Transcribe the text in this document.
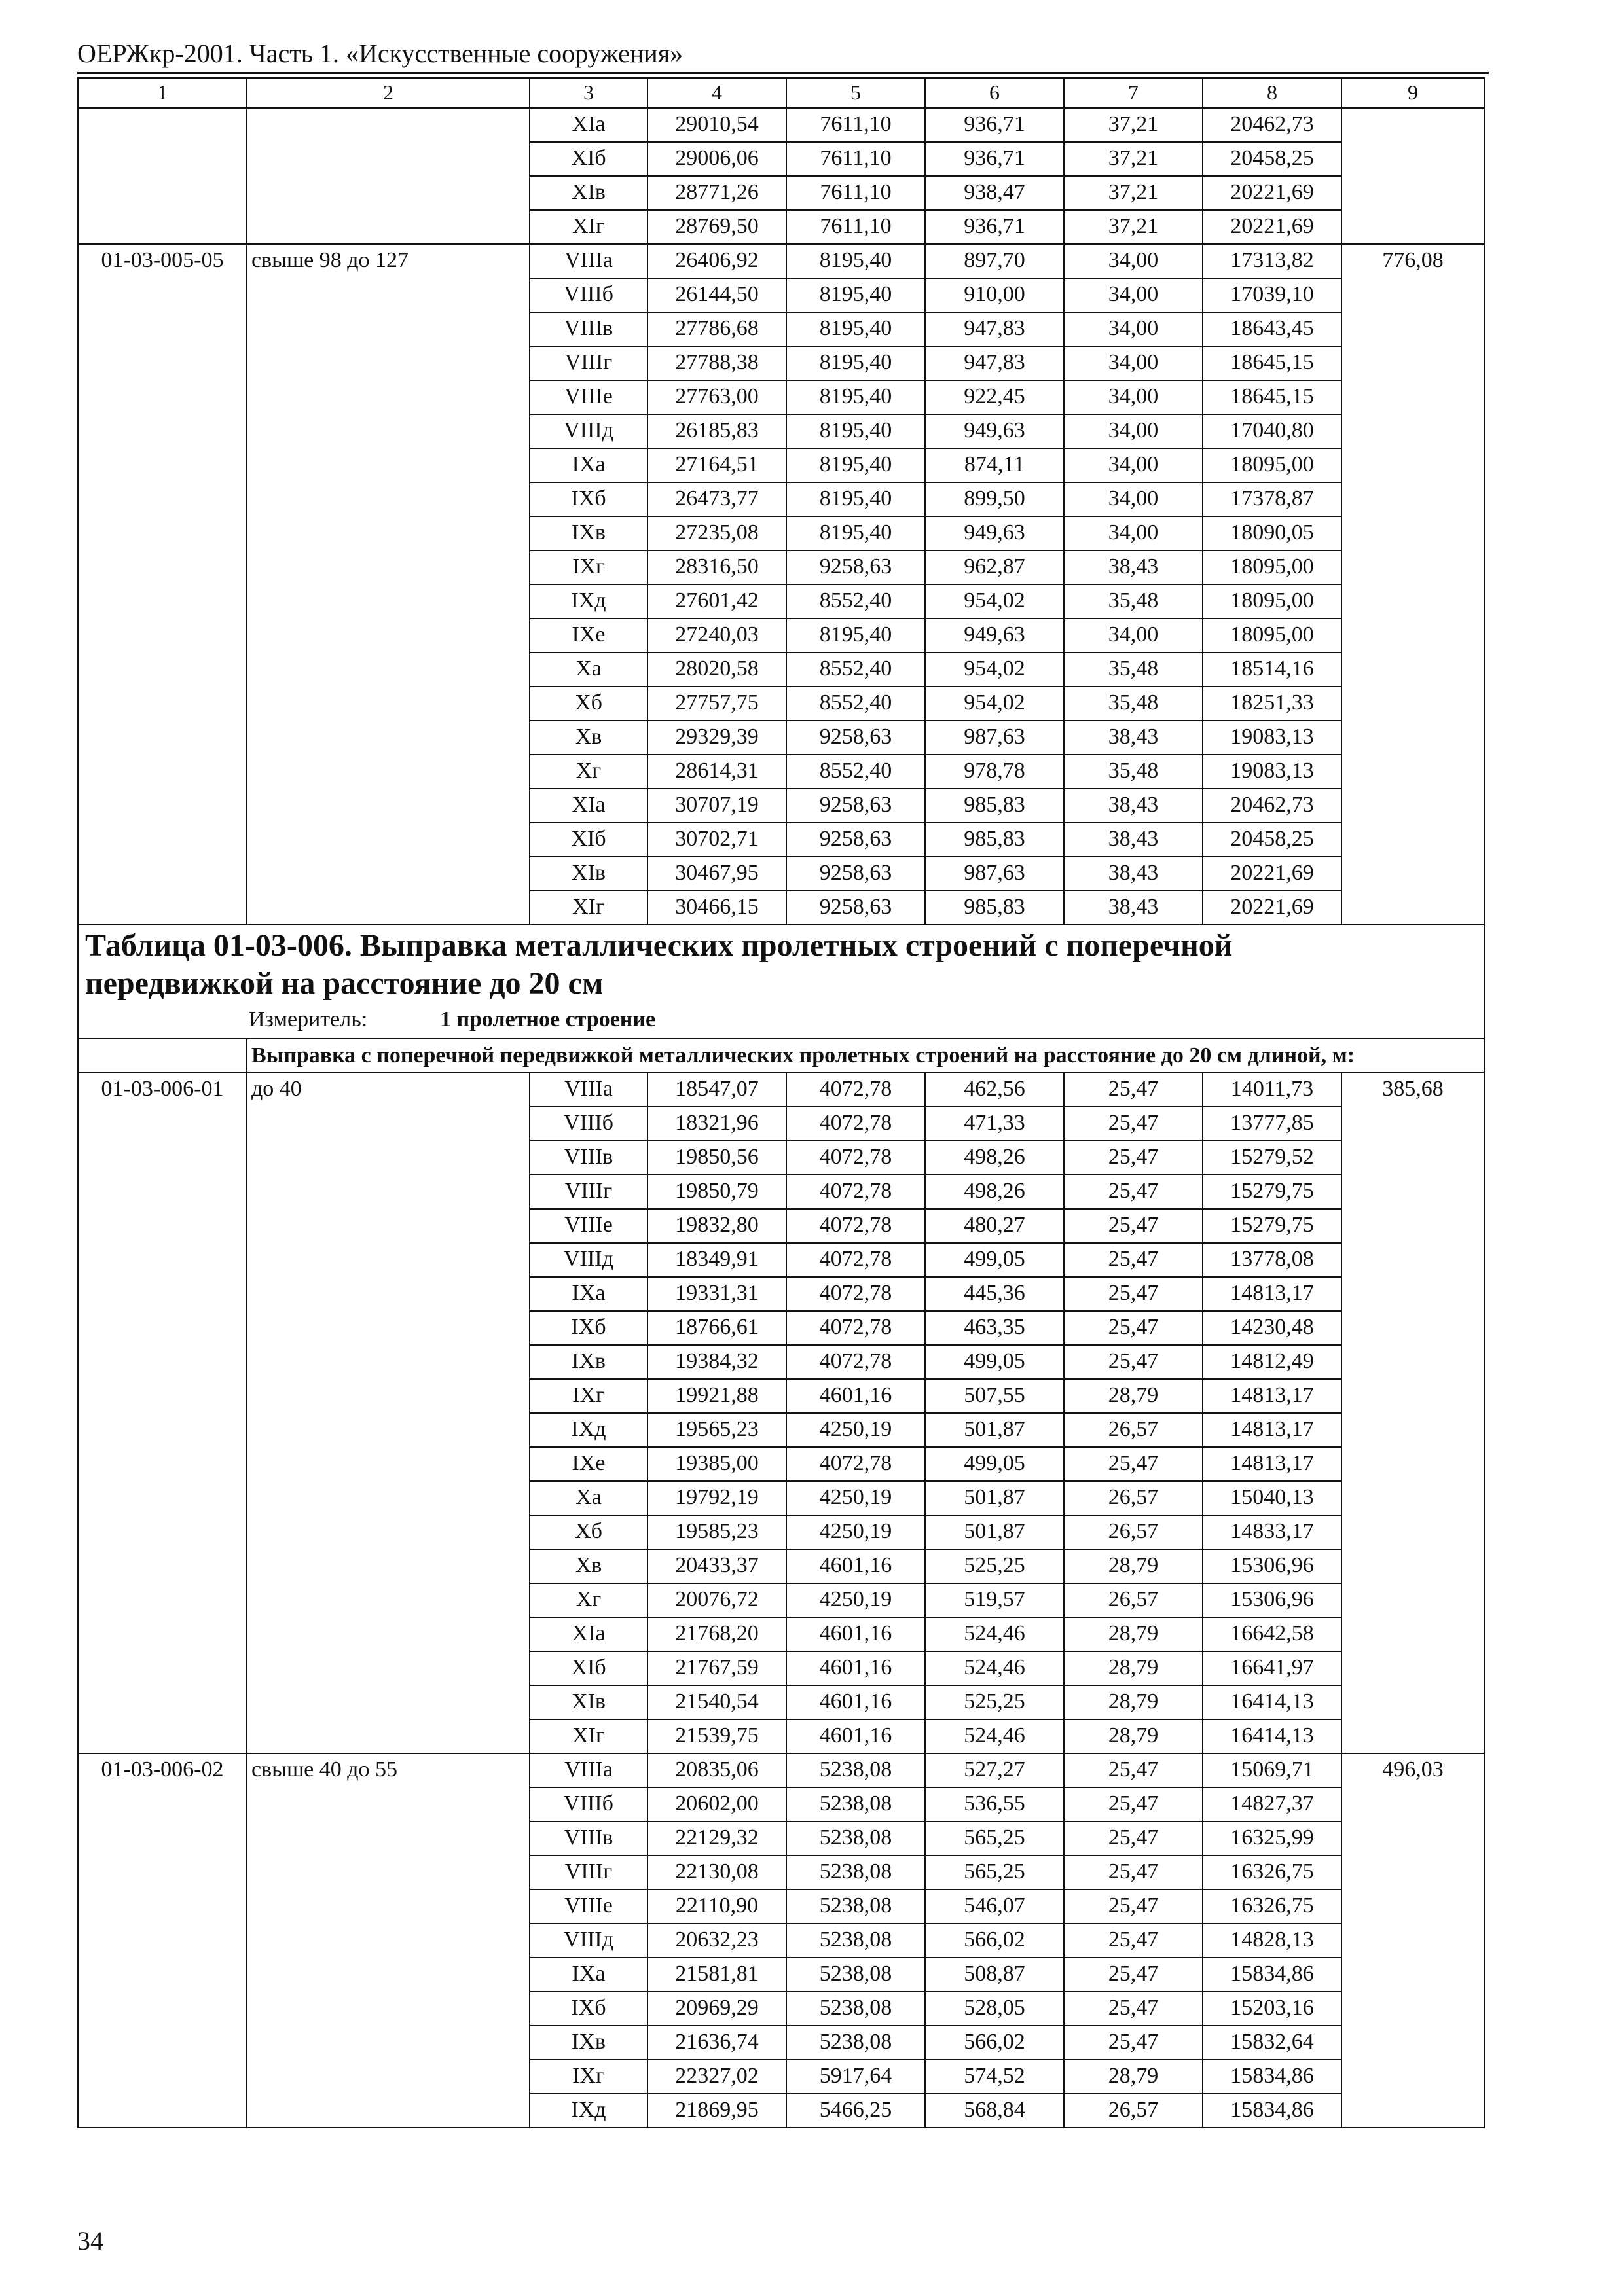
ОЕРЖкр-2001. Часть 1. «Искусственные сооружения»
1	2	3	4	5	6	7	8	9
		XIа	29010,54	7611,10	936,71	37,21	20462,73	
		XIб	29006,06	7611,10	936,71	37,21	20458,25	
		XIв	28771,26	7611,10	938,47	37,21	20221,69	
		XIг	28769,50	7611,10	936,71	37,21	20221,69	
01-03-005-05	свыше 98 до 127	VIIIа	26406,92	8195,40	897,70	34,00	17313,82	776,08
		VIIIб	26144,50	8195,40	910,00	34,00	17039,10	
		VIIIв	27786,68	8195,40	947,83	34,00	18643,45	
		VIIIг	27788,38	8195,40	947,83	34,00	18645,15	
		VIIIе	27763,00	8195,40	922,45	34,00	18645,15	
		VIIIд	26185,83	8195,40	949,63	34,00	17040,80	
		IXа	27164,51	8195,40	874,11	34,00	18095,00	
		IXб	26473,77	8195,40	899,50	34,00	17378,87	
		IXв	27235,08	8195,40	949,63	34,00	18090,05	
		IXг	28316,50	9258,63	962,87	38,43	18095,00	
		IXд	27601,42	8552,40	954,02	35,48	18095,00	
		IXе	27240,03	8195,40	949,63	34,00	18095,00	
		Xа	28020,58	8552,40	954,02	35,48	18514,16	
		Xб	27757,75	8552,40	954,02	35,48	18251,33	
		Xв	29329,39	9258,63	987,63	38,43	19083,13	
		Xг	28614,31	8552,40	978,78	35,48	19083,13	
		XIа	30707,19	9258,63	985,83	38,43	20462,73	
		XIб	30702,71	9258,63	985,83	38,43	20458,25	
		XIв	30467,95	9258,63	987,63	38,43	20221,69	
		XIг	30466,15	9258,63	985,83	38,43	20221,69	

Таблица 01-03-006. Выправка металлических пролетных строений с поперечной
передвижкой на расстояние до 20 см
Измеритель: 1 пролетное строение								

	Выправка с поперечной передвижкой металлических пролетных строений на расстояние до 20 см длиной, м:							
01-03-006-01	до 40	VIIIа	18547,07	4072,78	462,56	25,47	14011,73	385,68
		VIIIб	18321,96	4072,78	471,33	25,47	13777,85	
		VIIIв	19850,56	4072,78	498,26	25,47	15279,52	
		VIIIг	19850,79	4072,78	498,26	25,47	15279,75	
		VIIIе	19832,80	4072,78	480,27	25,47	15279,75	
		VIIIд	18349,91	4072,78	499,05	25,47	13778,08	
		IXа	19331,31	4072,78	445,36	25,47	14813,17	
		IXб	18766,61	4072,78	463,35	25,47	14230,48	
		IXв	19384,32	4072,78	499,05	25,47	14812,49	
		IXг	19921,88	4601,16	507,55	28,79	14813,17	
		IXд	19565,23	4250,19	501,87	26,57	14813,17	
		IXе	19385,00	4072,78	499,05	25,47	14813,17	
		Xа	19792,19	4250,19	501,87	26,57	15040,13	
		Xб	19585,23	4250,19	501,87	26,57	14833,17	
		Xв	20433,37	4601,16	525,25	28,79	15306,96	
		Xг	20076,72	4250,19	519,57	26,57	15306,96	
		XIа	21768,20	4601,16	524,46	28,79	16642,58	
		XIб	21767,59	4601,16	524,46	28,79	16641,97	
		XIв	21540,54	4601,16	525,25	28,79	16414,13	
		XIг	21539,75	4601,16	524,46	28,79	16414,13	
01-03-006-02	свыше 40 до 55	VIIIа	20835,06	5238,08	527,27	25,47	15069,71	496,03
		VIIIб	20602,00	5238,08	536,55	25,47	14827,37	
		VIIIв	22129,32	5238,08	565,25	25,47	16325,99	
		VIIIг	22130,08	5238,08	565,25	25,47	16326,75	
		VIIIе	22110,90	5238,08	546,07	25,47	16326,75	
		VIIIд	20632,23	5238,08	566,02	25,47	14828,13	
		IXа	21581,81	5238,08	508,87	25,47	15834,86	
		IXб	20969,29	5238,08	528,05	25,47	15203,16	
		IXв	21636,74	5238,08	566,02	25,47	15832,64	
		IXг	22327,02	5917,64	574,52	28,79	15834,86	
		IXд	21869,95	5466,25	568,84	26,57	15834,86	
34
